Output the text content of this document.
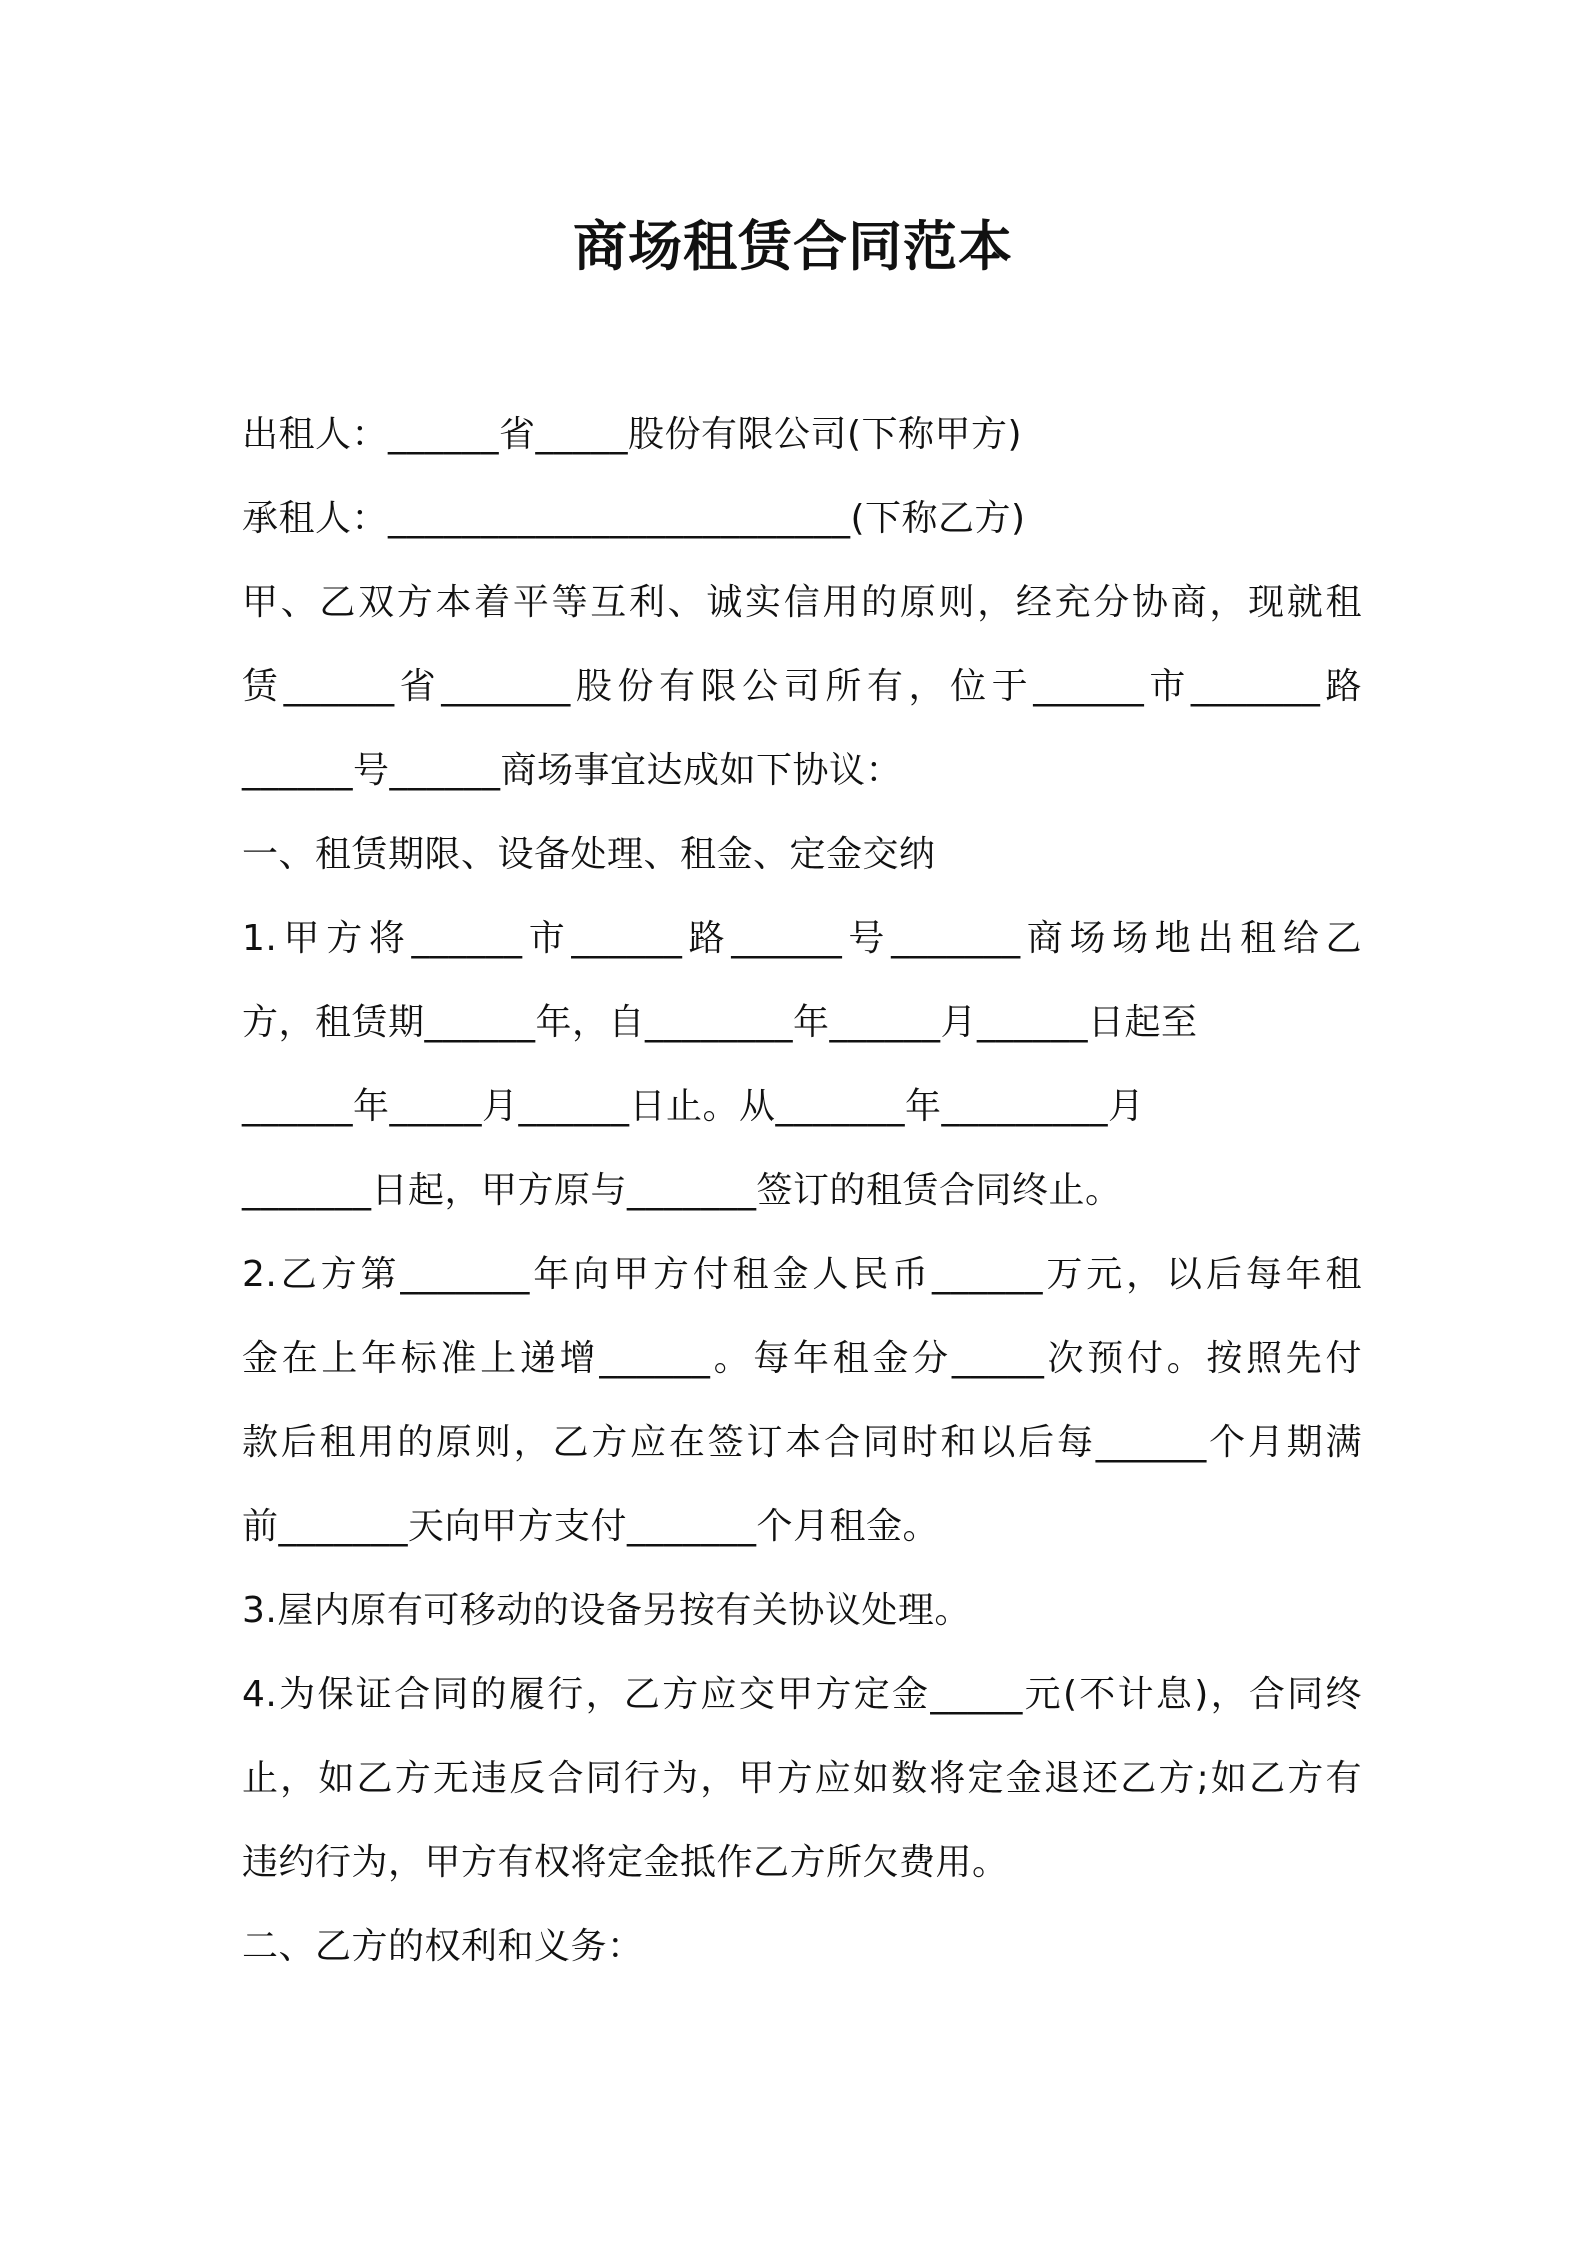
商场租赁合同范本
出租人：______省_____股份有限公司(下称甲方)
承租人：_________________________(下称乙方)
甲、乙双方本着平等互利、诚实信用的原则，经充分协商，现就租
赁______省_______股份有限公司所有，位于______市_______路
______号______商场事宜达成如下协议：
一、租赁期限、设备处理、租金、定金交纳
1.甲方将______市______路______号_______商场场地出租给乙
方，租赁期______年，自________年______月______日起至
______年_____月______日止。从_______年_________月
_______日起，甲方原与_______签订的租赁合同终止。
2.乙方第_______年向甲方付租金人民币______万元，以后每年租
金在上年标准上递增______。每年租金分_____次预付。按照先付
款后租用的原则，乙方应在签订本合同时和以后每______个月期满
前_______天向甲方支付_______个月租金。
3.屋内原有可移动的设备另按有关协议处理。
4.为保证合同的履行，乙方应交甲方定金_____元(不计息)，合同终
止，如乙方无违反合同行为，甲方应如数将定金退还乙方;如乙方有
违约行为，甲方有权将定金抵作乙方所欠费用。
二、乙方的权利和义务：
